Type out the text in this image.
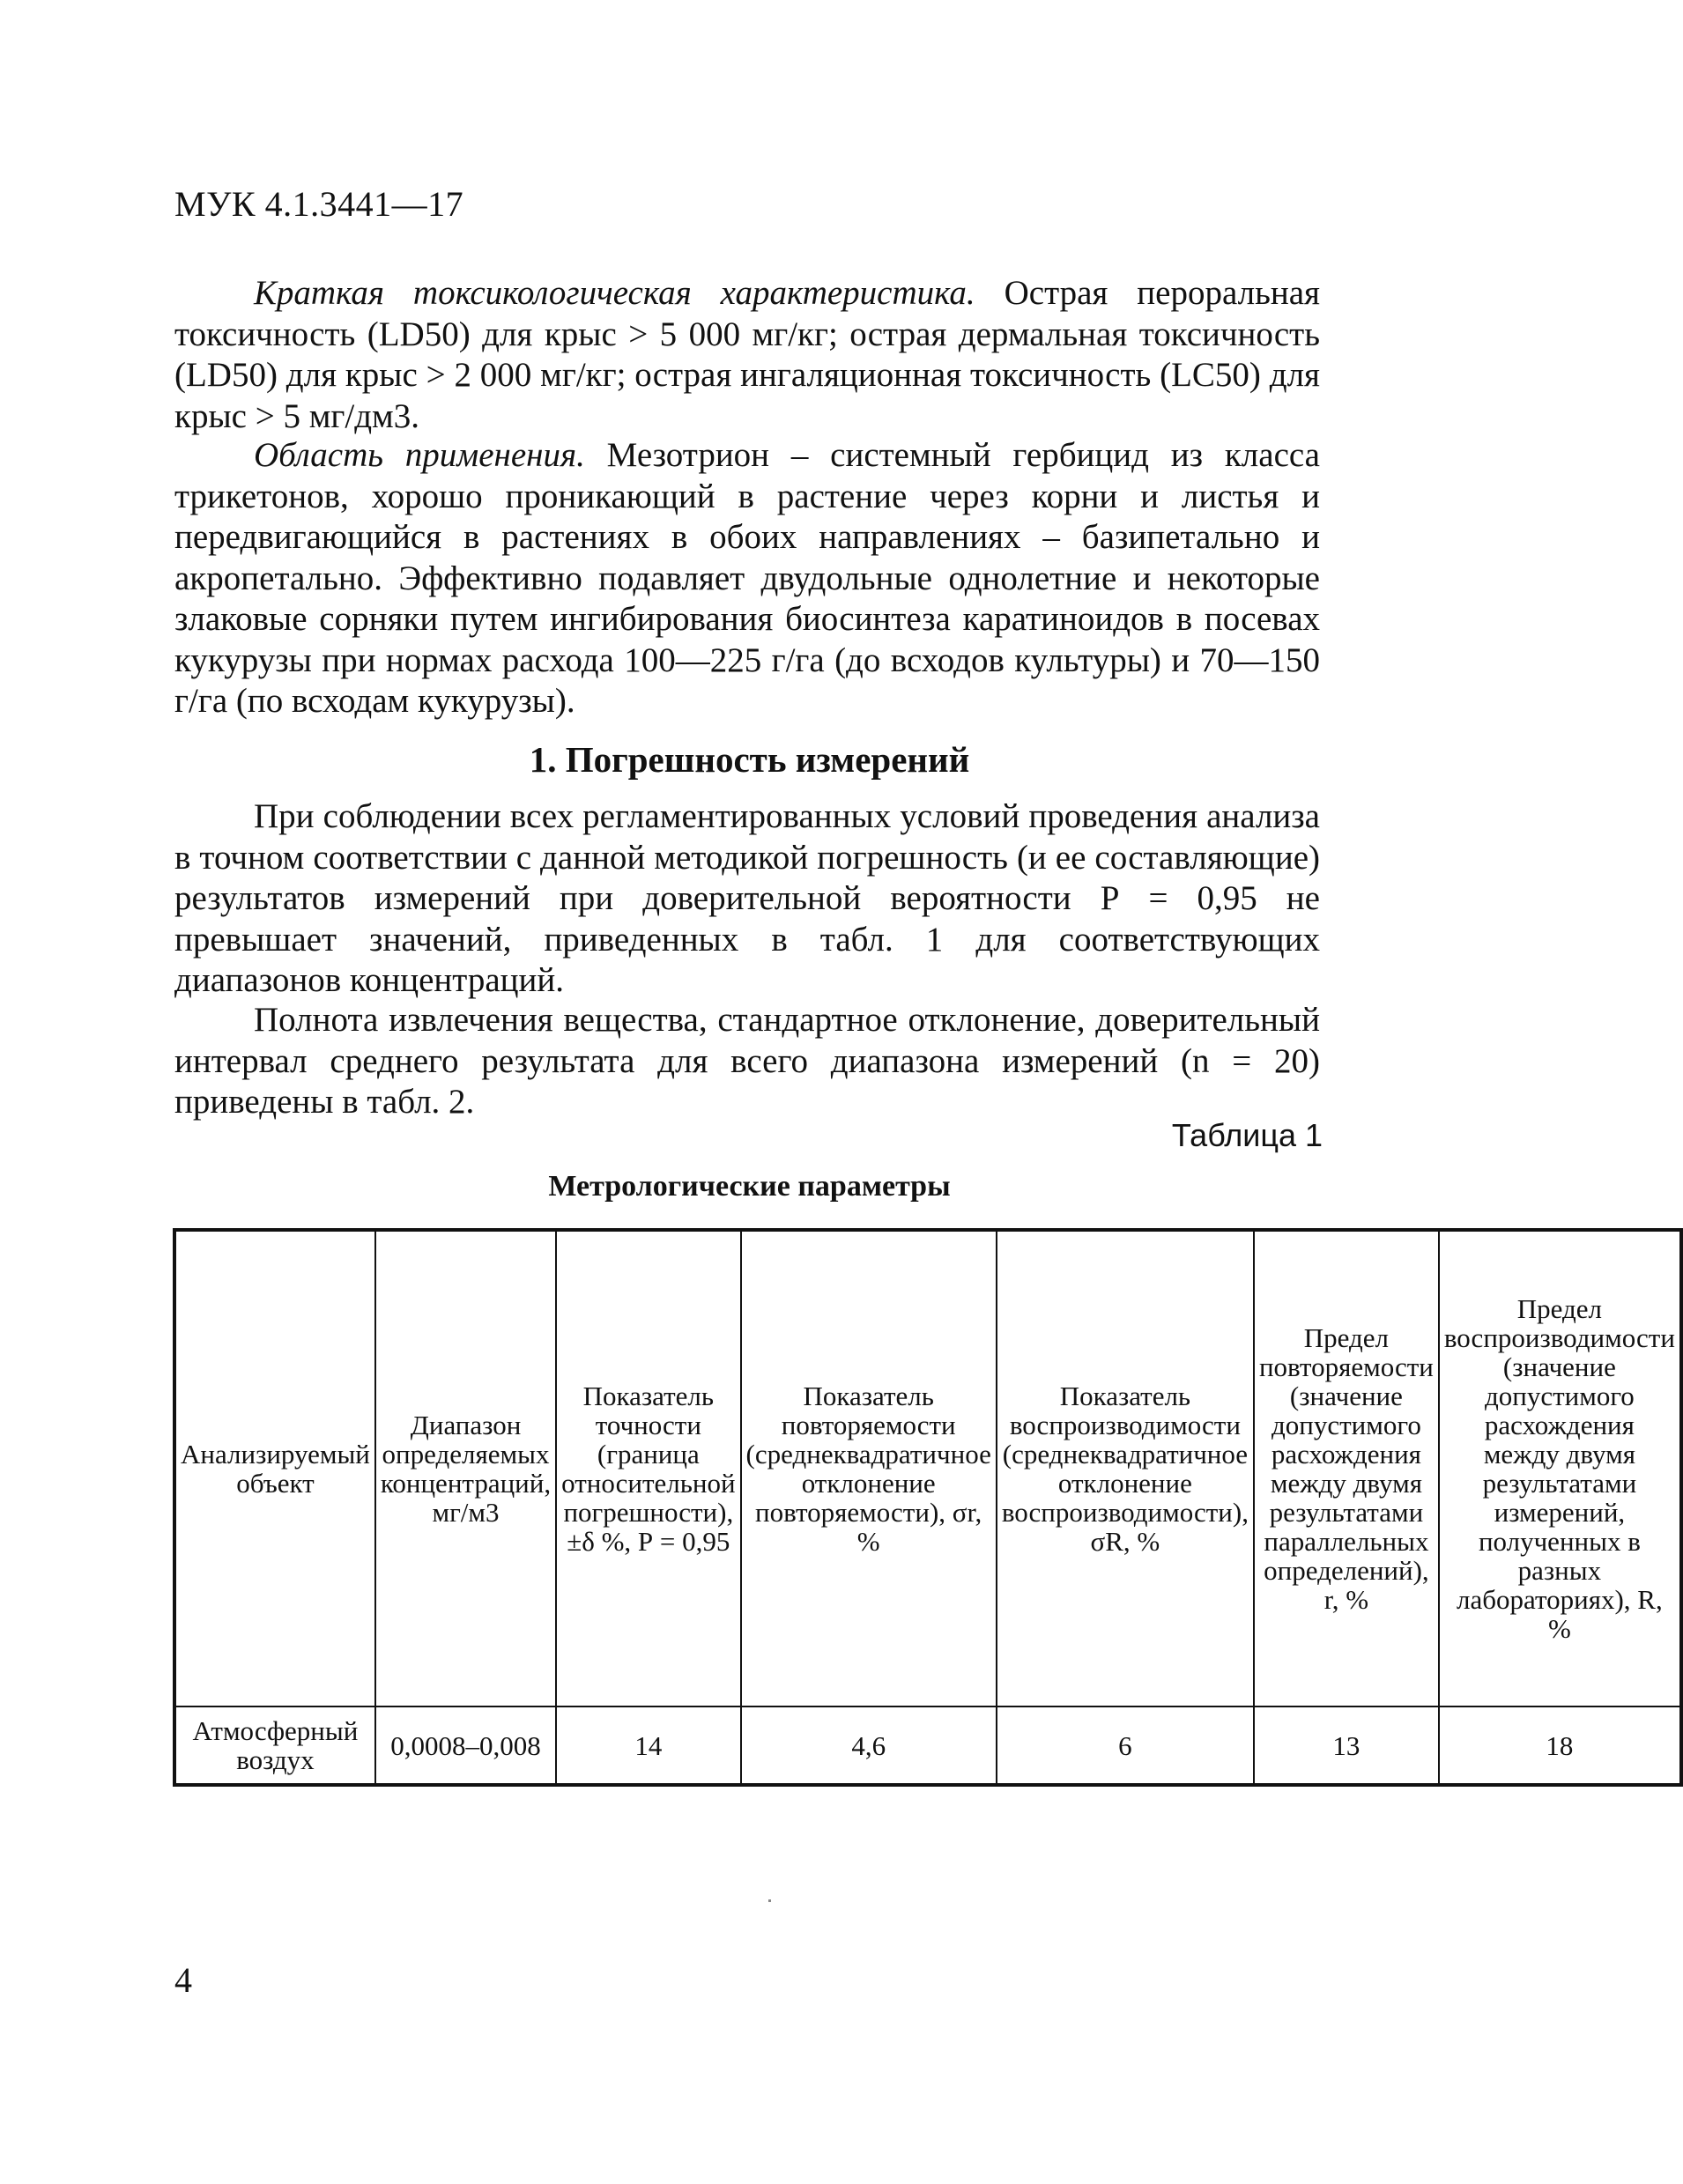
МУК 4.1.3441—17

Краткая токсикологическая характеристика. Острая пероральная токсичность (LD50) для крыс > 5 000 мг/кг; острая дермальная токсичность (LD50) для крыс > 2 000 мг/кг; острая ингаляционная токсичность (LC50) для крыс > 5 мг/дм3.

Область применения. Мезотрион – системный гербицид из класса трикетонов, хорошо проникающий в растение через корни и листья и передвигающийся в растениях в обоих направлениях – базипетально и акропетально. Эффективно подавляет двудольные однолетние и некоторые злаковые сорняки путем ингибирования биосинтеза каратиноидов в посевах кукурузы при нормах расхода 100—225 г/га (до всходов культуры) и 70—150 г/га (по всходам кукурузы).

1. Погрешность измерений

При соблюдении всех регламентированных условий проведения анализа в точном соответствии с данной методикой погрешность (и ее составляющие) результатов измерений при доверительной вероятности Р = 0,95 не превышает значений, приведенных в табл. 1 для соответствующих диапазонов концентраций.

Полнота извлечения вещества, стандартное отклонение, доверительный интервал среднего результата для всего диапазона измерений (n = 20) приведены в табл. 2.

Таблица 1
Метрологические параметры
Анализируемый объект	Диапазон определяемых концентраций, мг/м3	Показатель точности (граница относительной погрешности), ±δ %, Р = 0,95	Показатель повторяемости (среднеквадратичное отклонение повторяемости), σr, %	Показатель воспроизводимости (среднеквадратичное отклонение воспроизводимости), σR, %	Предел повторяемости (значение допустимого расхождения между двумя результатами параллельных определений), r, %	Предел воспроизводимости (значение допустимого расхождения между двумя результатами измерений, полученных в разных лабораториях), R, %
Атмосферный воздух	0,0008–0,008	14	4,6	6	13	18
4
